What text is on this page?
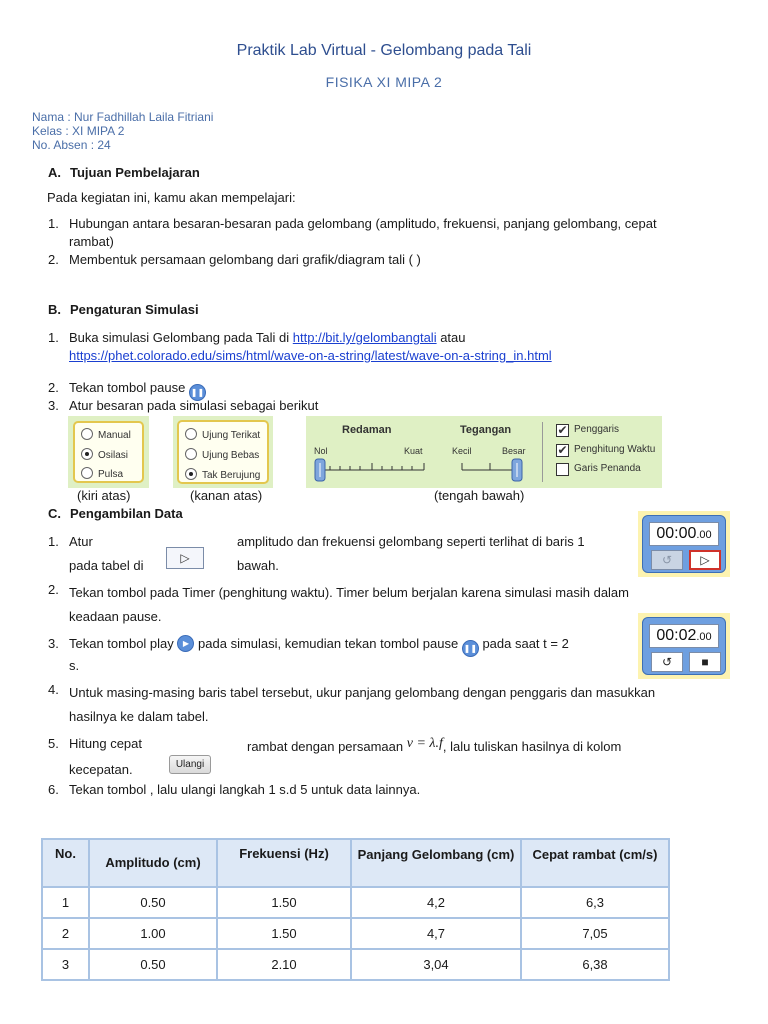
Praktik Lab Virtual - Gelombang pada Tali
FISIKA XI MIPA 2
Nama : Nur Fadhillah Laila Fitriani
Kelas : XI MIPA 2
No. Absen : 24
A. Tujuan Pembelajaran
Pada kegiatan ini, kamu akan mempelajari:
1. Hubungan antara besaran-besaran pada gelombang (amplitudo, frekuensi, panjang gelombang, cepat
rambat)
2. Membentuk persamaan gelombang dari grafik/diagram tali ( )
B. Pengaturan Simulasi
1. Buka simulasi Gelombang pada Tali di http://bit.ly/gelombangtali atau
https://phet.colorado.edu/sims/html/wave-on-a-string/latest/wave-on-a-string_in.html
2. Tekan tombol pause ❚❚
3. Atur besaran pada simulasi sebagai berikut
Manual
Osilasi
Pulsa
Ujung Terikat
Ujung Bebas
Tak Berujung
Redaman
Nol	Kuat
Tegangan
Kecil	Besar
✔ Penggaris
✔ Penghitung Waktu
Garis Penanda
(kiri atas)	(kanan atas)	(tengah bawah)
C. Pengambilan Data
1. Atur	amplitudo dan frekuensi gelombang seperti terlihat di baris 1
pada tabel di	▷	bawah.
00:00.00
↺	▷
2. Tekan tombol pada Timer (penghitung waktu). Timer belum berjalan karena simulasi masih dalam
keadaan pause.
3. Tekan tombol play ▶ pada simulasi, kemudian tekan tombol pause ❚❚ pada saat t = 2
s.
00:02.00
↺	■
4. Untuk masing-masing baris tabel tersebut, ukur panjang gelombang dengan penggaris dan masukkan
hasilnya ke dalam tabel.
5. Hitung cepat	rambat dengan persamaan v = λ.f, lalu tuliskan hasilnya di kolom
kecepatan.	Ulangi
6. Tekan tombol , lalu ulangi langkah 1 s.d 5 untuk data lainnya.
No.	Amplitudo (cm)	Frekuensi (Hz)	Panjang Gelombang (cm)	Cepat rambat (cm/s)
1	0.50	1.50	4,2	6,3
2	1.00	1.50	4,7	7,05
3	0.50	2.10	3,04	6,38
